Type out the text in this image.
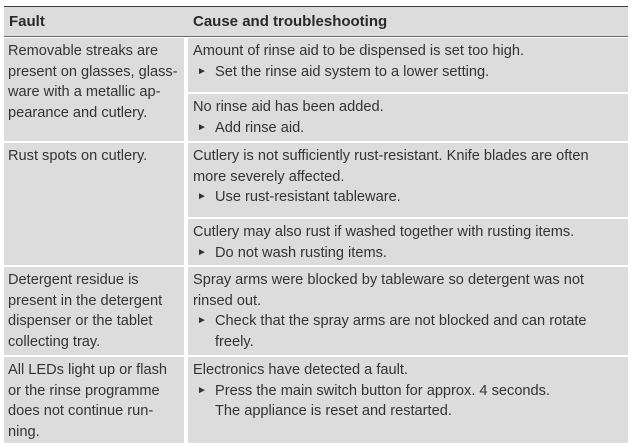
Fault	Cause and troubleshooting
Removable streaks are
present on glasses, glass-
ware with a metallic ap-
pearance and cutlery.
Amount of rinse aid to be dispensed is set too high.
Set the rinse aid system to a lower setting.
►
No rinse aid has been added.
Add rinse aid.
►
Rust spots on cutlery.	Cutlery is not sufficiently rust-resistant. Knife blades are often
more severely affected.
Use rust-resistant tableware.
►
Cutlery may also rust if washed together with rusting items.
Do not wash rusting items.
►
Detergent residue is
present in the detergent
dispenser or the tablet
collecting tray.
Spray arms were blocked by tableware so detergent was not
rinsed out.
Check that the spray arms are not blocked and can rotate
►
freely.
All LEDs light up or flash
or the rinse programme
does not continue run-
ning.
Electronics have detected a fault.
Press the main switch button for approx. 4 seconds.
►
The appliance is reset and restarted.
